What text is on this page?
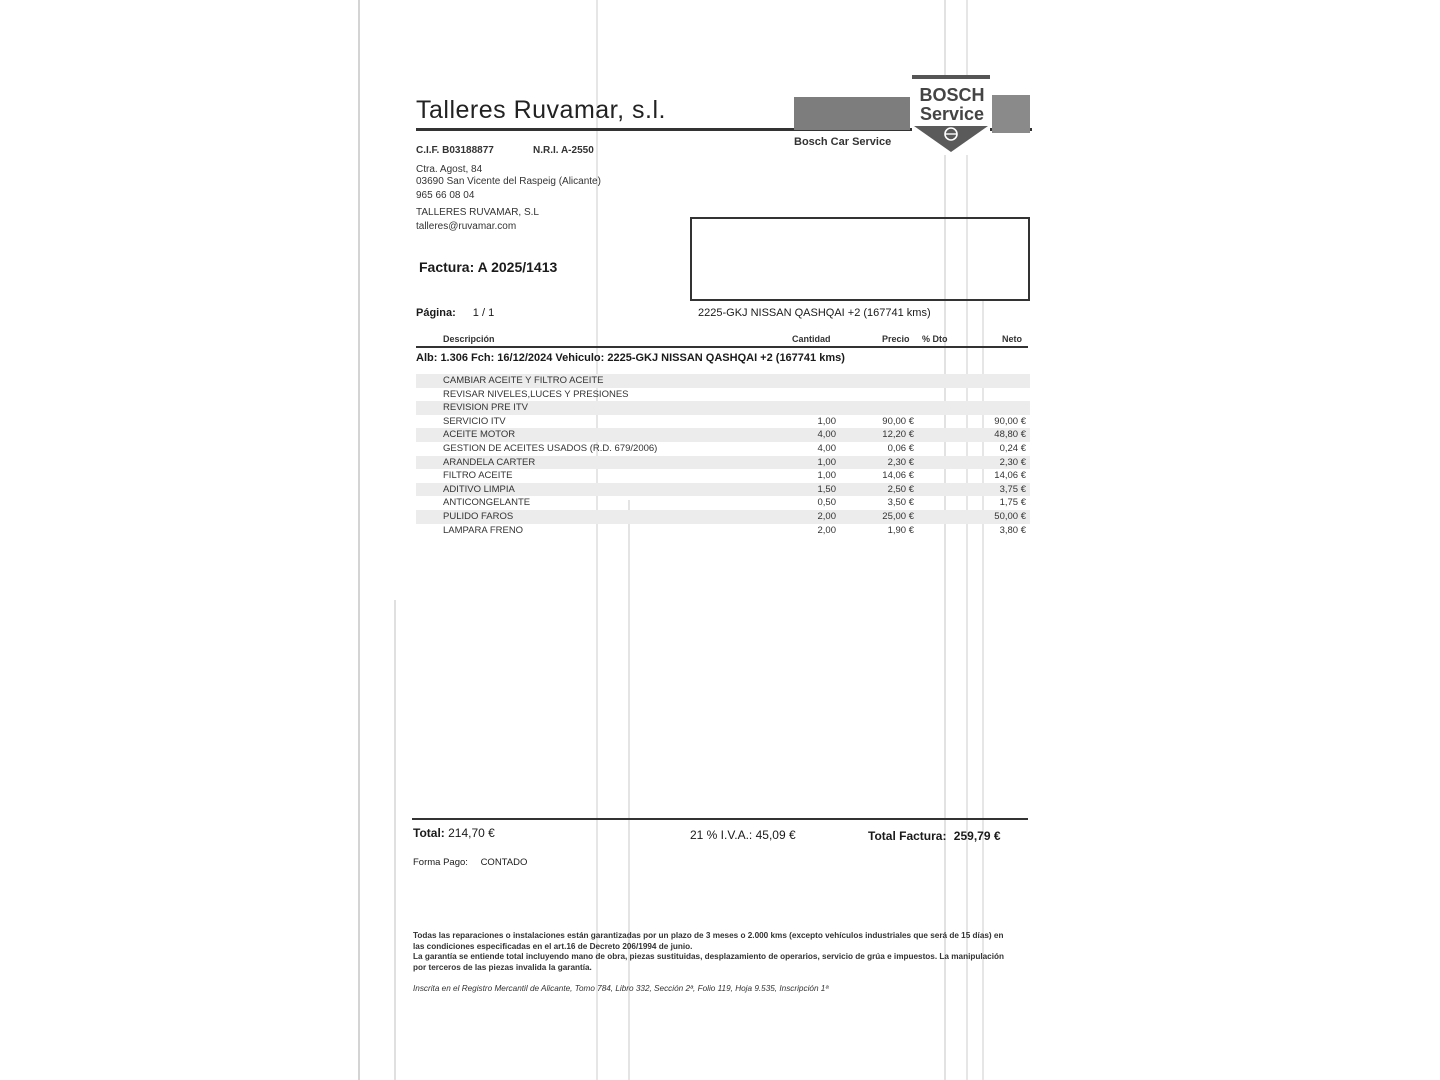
Talleres Ruvamar, s.l.
BOSCH
Service
Bosch Car Service
C.I.F. B03188877	N.R.I. A-2550
Ctra. Agost, 84
03690 San Vicente del Raspeig (Alicante)
965 66 08 04
TALLERES RUVAMAR, S.L
talleres@ruvamar.com
Factura: A 2025/1413
Página: 1 / 1	2225-GKJ NISSAN QASHQAI +2 (167741 kms)
Descripción	Cantidad	Precio % Dto	Neto
Alb: 1.306 Fch: 16/12/2024 Vehiculo: 2225-GKJ NISSAN QASHQAI +2 (167741 kms)
CAMBIAR ACEITE Y FILTRO ACEITE
REVISAR NIVELES,LUCES Y PRESIONES
REVISION PRE ITV
SERVICIO ITV	1,00	90,00 €	90,00 €
ACEITE MOTOR	4,00	12,20 €	48,80 €
GESTION DE ACEITES USADOS (R.D. 679/2006)	4,00	0,06 €	0,24 €
ARANDELA CARTER	1,00	2,30 €	2,30 €
FILTRO ACEITE	1,00	14,06 €	14,06 €
ADITIVO LIMPIA	1,50	2,50 €	3,75 €
ANTICONGELANTE	0,50	3,50 €	1,75 €
PULIDO FAROS	2,00	25,00 €	50,00 €
LAMPARA FRENO	2,00	1,90 €	3,80 €
Total: 214,70 €	21 % I.V.A.: 45,09 €	Total Factura: 259,79 €
Forma Pago: CONTADO
Todas las reparaciones o instalaciones están garantizadas por un plazo de 3 meses o 2.000 kms (excepto vehículos industriales que será de 15 días) en las condiciones especificadas en el art.16 de Decreto 206/1994 de junio.
La garantía se entiende total incluyendo mano de obra, piezas sustituidas, desplazamiento de operarios, servicio de grúa e impuestos. La manipulación por terceros de las piezas invalida la garantía.
Inscrita en el Registro Mercantil de Alicante, Tomo 784, Libro 332, Sección 2ª, Folio 119, Hoja 9.535, Inscripción 1ª
